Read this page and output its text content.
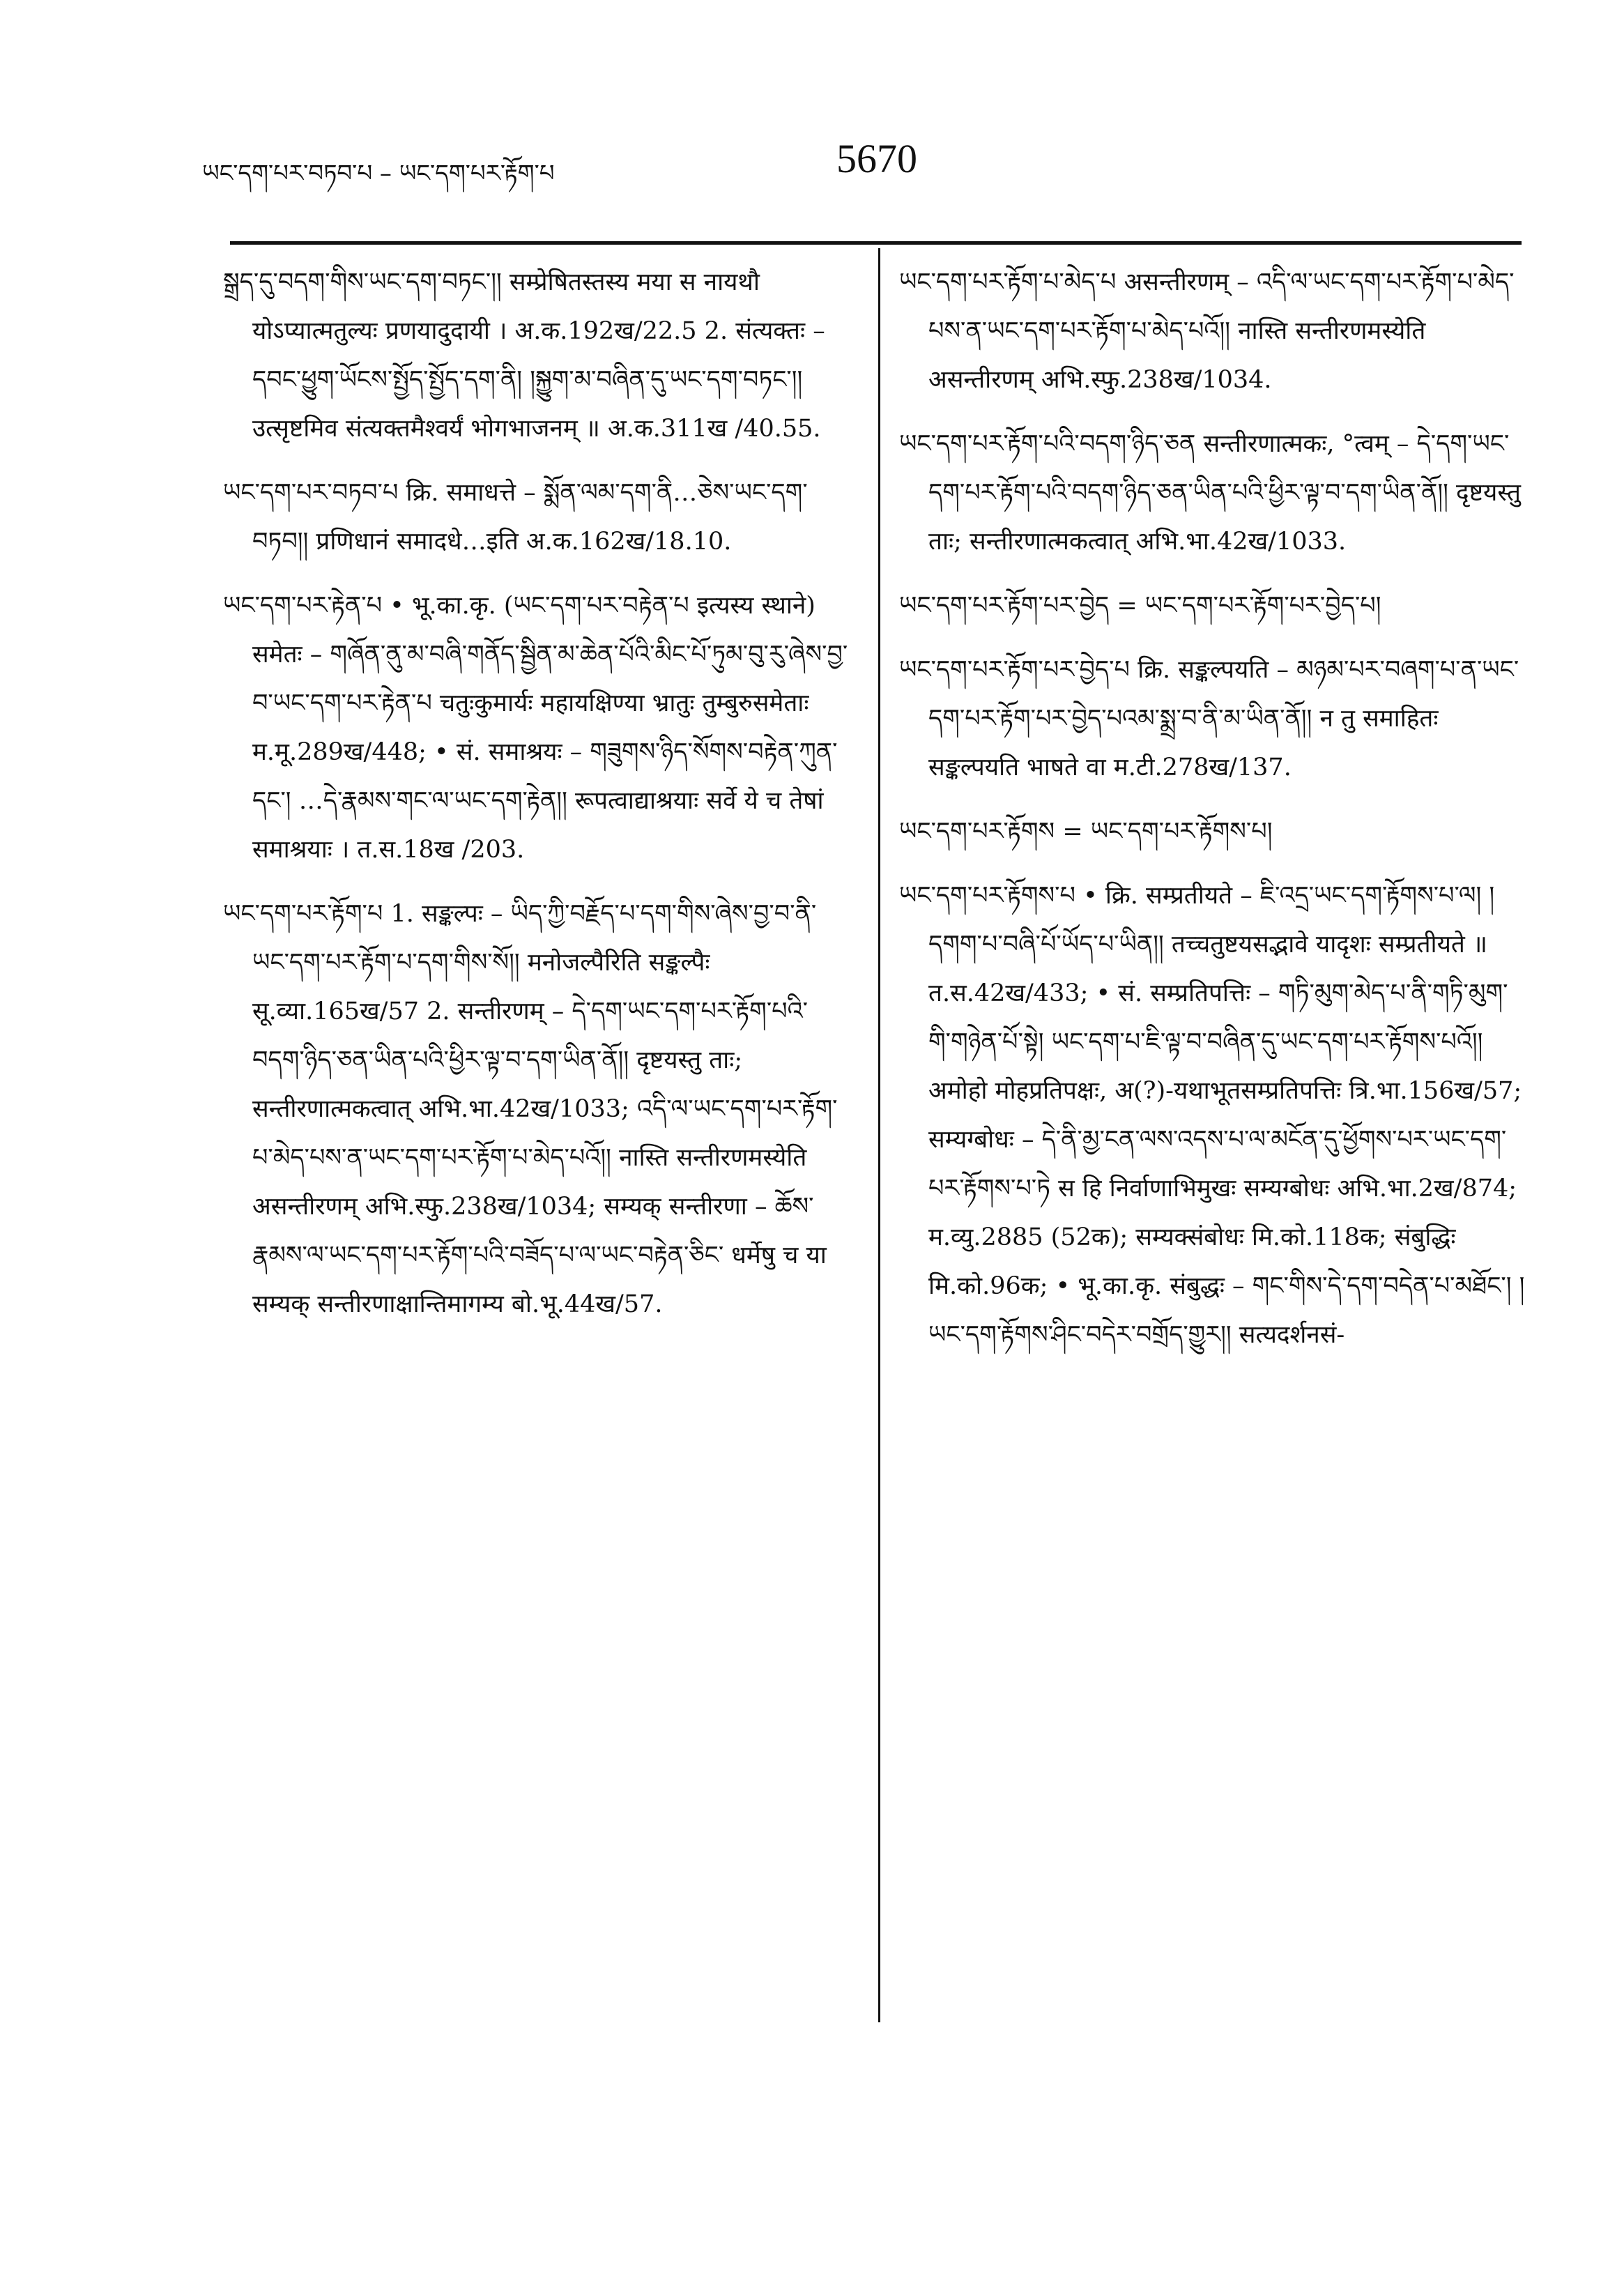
ཡང་དག་པར་བཏབ་པ – ཡང་དག་པར་རྟོག་པ	5670

སྒྲད་དུ་བདག་གིས་ཡང་དག་བཏང་།། सम्प्रेषितस्तस्य मया स नायथौ योऽप्यात्मतुल्यः प्रणयादुदायी । अ.क.192ख/22.5 2. संत्यक्तः – དབང་ཕྱུག་ཡོངས་སྤྱོད་སྤྱོད་དག་ནི། །སྐྱུག་མ་བཞིན་དུ་ཡང་དག་བཏང་།། उत्सृष्टमिव संत्यक्तमैश्वर्यं भोगभाजनम् ॥ अ.क.311ख /40.55.

ཡང་དག་པར་བཏབ་པ क्रि. समाधत्ते – སྨོན་ལམ་དག་ནི…ཅེས་ཡང་དག་བཏབ།། प्रणिधानं समादधे…इति अ.क.162ख/18.10.

ཡང་དག་པར་རྟེན་པ • भू.का.कृ. (ཡང་དག་པར་བརྟེན་པ इत्यस्य स्थाने) समेतः – གཞོན་ནུ་མ་བཞི་གནོད་སྦྱིན་མ་ཆེན་པོའི་མིང་པོ་ཏུམ་བུ་རུ་ཞེས་བྱ་བ་ཡང་དག་པར་རྟེན་པ चतुःकुमार्यः महायक्षिण्या भ्रातुः तुम्बुरुसमेताः म.मू.289ख/448; • सं. समाश्रयः – གཟུགས་ཉིད་སོགས་བརྟེན་ཀུན་དང་། …དེ་རྣམས་གང་ལ་ཡང་དག་རྟེན།། रूपत्वाद्याश्रयाः सर्वे ये च तेषां समाश्रयाः । त.स.18ख /203.

ཡང་དག་པར་རྟོག་པ 1. सङ्कल्पः – ཡིད་ཀྱི་བརྗོད་པ་དག་གིས་ཞེས་བྱ་བ་ནི་ཡང་དག་པར་རྟོག་པ་དག་གིས་སོ།། मनोजल्पैरिति सङ्कल्पैः सू.व्या.165ख/57 2. सन्तीरणम् – དེ་དག་ཡང་དག་པར་རྟོག་པའི་བདག་ཉིད་ཅན་ཡིན་པའི་ཕྱིར་ལྟ་བ་དག་ཡིན་ནོ།། दृष्टयस्तु ताः; सन्तीरणात्मकत्वात् अभि.भा.42ख/1033; འདི་ལ་ཡང་དག་པར་རྟོག་པ་མེད་པས་ན་ཡང་དག་པར་རྟོག་པ་མེད་པའོ།། नास्ति सन्तीरणमस्येति असन्तीरणम् अभि.स्फु.238ख/1034; सम्यक् सन्तीरणा – ཆོས་རྣམས་ལ་ཡང་དག་པར་རྟོག་པའི་བཟོད་པ་ལ་ཡང་བརྟེན་ཅིང་ धर्मेषु च या सम्यक् सन्तीरणाक्षान्तिमागम्य बो.भू.44ख/57.

ཡང་དག་པར་རྟོག་པ་མེད་པ असन्तीरणम् – འདི་ལ་ཡང་དག་པར་རྟོག་པ་མེད་པས་ན་ཡང་དག་པར་རྟོག་པ་མེད་པའོ།། नास्ति सन्तीरणमस्येति असन्तीरणम् अभि.स्फु.238ख/1034.

ཡང་དག་པར་རྟོག་པའི་བདག་ཉིད་ཅན सन्तीरणात्मकः, °त्वम् – དེ་དག་ཡང་དག་པར་རྟོག་པའི་བདག་ཉིད་ཅན་ཡིན་པའི་ཕྱིར་ལྟ་བ་དག་ཡིན་ནོ།། दृष्टयस्तु ताः; सन्तीरणात्मकत्वात् अभि.भा.42ख/1033.

ཡང་དག་པར་རྟོག་པར་བྱེད = ཡང་དག་པར་རྟོག་པར་བྱེད་པ།

ཡང་དག་པར་རྟོག་པར་བྱེད་པ क्रि. सङ्कल्पयति – མཉམ་པར་བཞག་པ་ན་ཡང་དག་པར་རྟོག་པར་བྱེད་པའམ་སྨྲ་བ་ནི་མ་ཡིན་ནོ།། न तु समाहितः सङ्कल्पयति भाषते वा म.टी.278ख/137.

ཡང་དག་པར་རྟོགས = ཡང་དག་པར་རྟོགས་པ།

ཡང་དག་པར་རྟོགས་པ • क्रि. सम्प्रतीयते – ཇི་འདྲ་ཡང་དག་རྟོགས་པ་ལ། །དགག་པ་བཞི་པོ་ཡོད་པ་ཡིན།། तच्चतुष्टयसद्भावे यादृशः सम्प्रतीयते ॥ त.स.42ख/433; • सं. सम्प्रतिपत्तिः – གཏི་མུག་མེད་པ་ནི་གཏི་མུག་གི་གཉེན་པོ་སྟེ། ཡང་དག་པ་ཇི་ལྟ་བ་བཞིན་དུ་ཡང་དག་པར་རྟོགས་པའོ།། अमोहो मोहप्रतिपक्षः, अ(?)-यथाभूतसम्प्रतिपत्तिः त्रि.भा.156ख/57; सम्यग्बोधः – དེ་ནི་མྱ་ངན་ལས་འདས་པ་ལ་མངོན་དུ་ཕྱོགས་པར་ཡང་དག་པར་རྟོགས་པ་ཏེ स हि निर्वाणाभिमुखः सम्यग्बोधः अभि.भा.2ख/874; म.व्यु.2885 (52क); सम्यक्संबोधः मि.को.118क; संबुद्धिः मि.को.96क; • भू.का.कृ. संबुद्धः – གང་གིས་དེ་དག་བདེན་པ་མཐོང་། །ཡང་དག་རྟོགས་ཤིང་བདེར་བགྲོད་གྱུར།། सत्यदर्शनसं-
